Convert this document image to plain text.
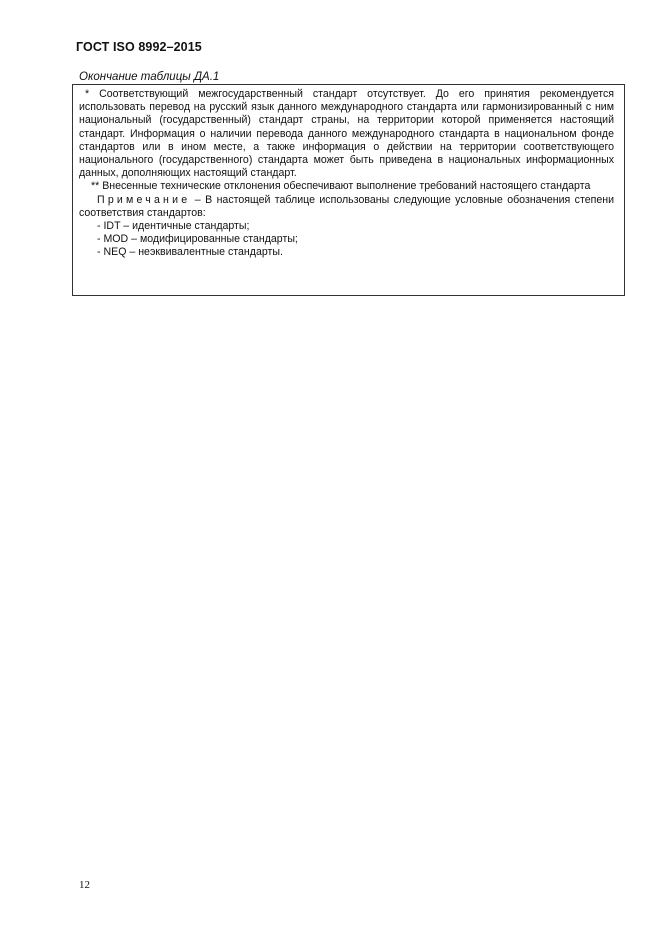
ГОСТ ISO 8992–2015
Окончание таблицы ДА.1

* Соответствующий межгосударственный стандарт отсутствует. До его принятия рекомендуется использовать перевод на русский язык данного международного стандарта или гармонизированный с ним национальный (государственный) стандарт страны, на территории которой применяется настоящий стандарт. Информация о наличии перевода данного международного стандарта в национальном фонде стандартов или в ином месте, а также информация о действии на территории соответствующего национального (государственного) стандарта может быть приведена в национальных информационных данных, дополняющих настоящий стандарт.

** Внесенные технические отклонения обеспечивают выполнение требований настоящего стандарта

Примечание – В настоящей таблице использованы следующие условные обозначения степени соответствия стандартов:

- IDT – идентичные стандарты;
- MOD – модифицированные стандарты;
- NEQ – неэквивалентные стандарты.
12
